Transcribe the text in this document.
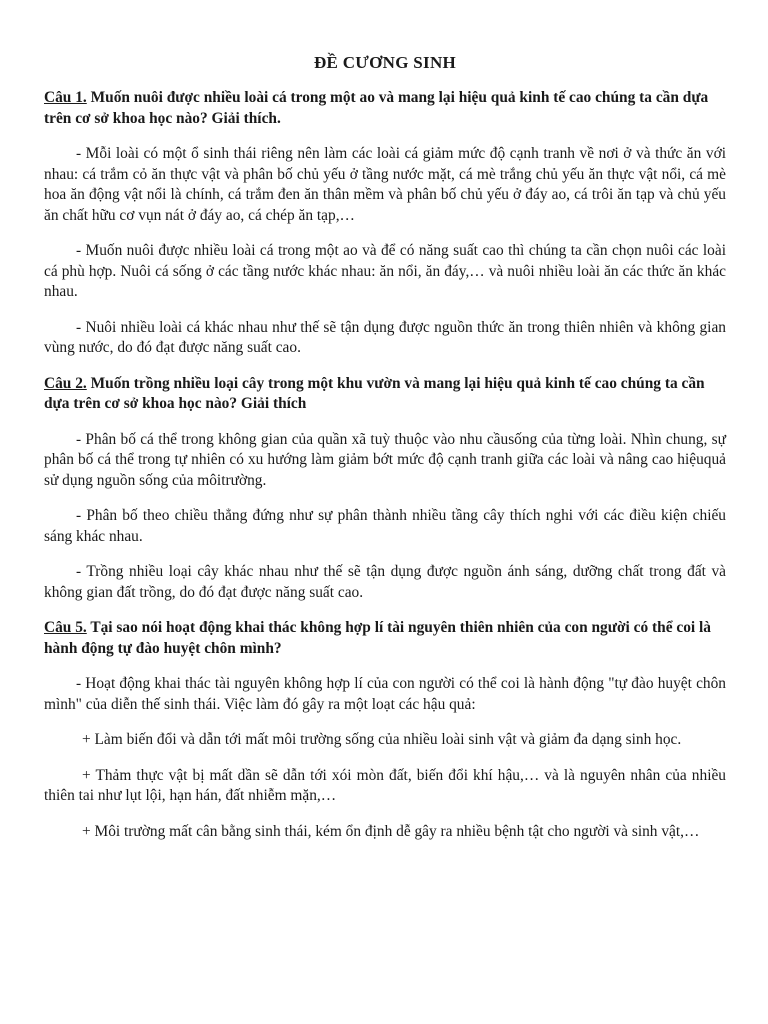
ĐỀ CƯƠNG SINH

Câu 1. Muốn nuôi được nhiều loài cá trong một ao và mang lại hiệu quả kinh tế cao chúng ta cần dựa trên cơ sở khoa học nào? Giải thích.

- Mỗi loài có một ổ sinh thái riêng nên làm các loài cá giảm mức độ cạnh tranh về nơi ở và thức ăn với nhau: cá trắm cỏ ăn thực vật và phân bố chủ yếu ở tầng nước mặt, cá mè trắng chủ yếu ăn thực vật nổi, cá mè hoa ăn động vật nổi là chính, cá trắm đen ăn thân mềm và phân bố chủ yếu ở đáy ao, cá trôi ăn tạp và chủ yếu ăn chất hữu cơ vụn nát ở đáy ao, cá chép ăn tạp,…

- Muốn nuôi được nhiều loài cá trong một ao và để có năng suất cao thì chúng ta cần chọn nuôi các loài cá phù hợp. Nuôi cá sống ở các tầng nước khác nhau: ăn nổi, ăn đáy,… và nuôi nhiều loài ăn các thức ăn khác nhau.

- Nuôi nhiều loài cá khác nhau như thế sẽ tận dụng được nguồn thức ăn trong thiên nhiên và không gian vùng nước, do đó đạt được năng suất cao.

Câu 2. Muốn trồng nhiều loại cây trong một khu vườn và mang lại hiệu quả kinh tế cao chúng ta cần dựa trên cơ sở khoa học nào? Giải thích

- Phân bố cá thể trong không gian của quần xã tuỳ thuộc vào nhu cầusống của từng loài. Nhìn chung, sự phân bố cá thể trong tự nhiên có xu hướng làm giảm bớt mức độ cạnh tranh giữa các loài và nâng cao hiệuquả sử dụng nguồn sống của môitrường.

- Phân bố theo chiều thẳng đứng như sự phân thành nhiều tầng cây thích nghi với các điều kiện chiếu sáng khác nhau.

- Trồng nhiều loại cây khác nhau như thế sẽ tận dụng được nguồn ánh sáng, dưỡng chất trong đất và không gian đất trồng, do đó đạt được năng suất cao.

Câu 5. Tại sao nói hoạt động khai thác không hợp lí tài nguyên thiên nhiên của con người có thể coi là hành động tự đào huyệt chôn mình?

- Hoạt động khai thác tài nguyên không hợp lí của con người có thể coi là hành động "tự đào huyệt chôn mình" của diễn thế sinh thái. Việc làm đó gây ra một loạt các hậu quả:

+ Làm biến đổi và dẫn tới mất môi trường sống của nhiều loài sinh vật và giảm đa dạng sinh học.

+ Thảm thực vật bị mất dần sẽ dẫn tới xói mòn đất, biến đổi khí hậu,… và là nguyên nhân của nhiều thiên tai như lụt lội, hạn hán, đất nhiễm mặn,…

+ Môi trường mất cân bằng sinh thái, kém ổn định dễ gây ra nhiều bệnh tật cho người và sinh vật,…
